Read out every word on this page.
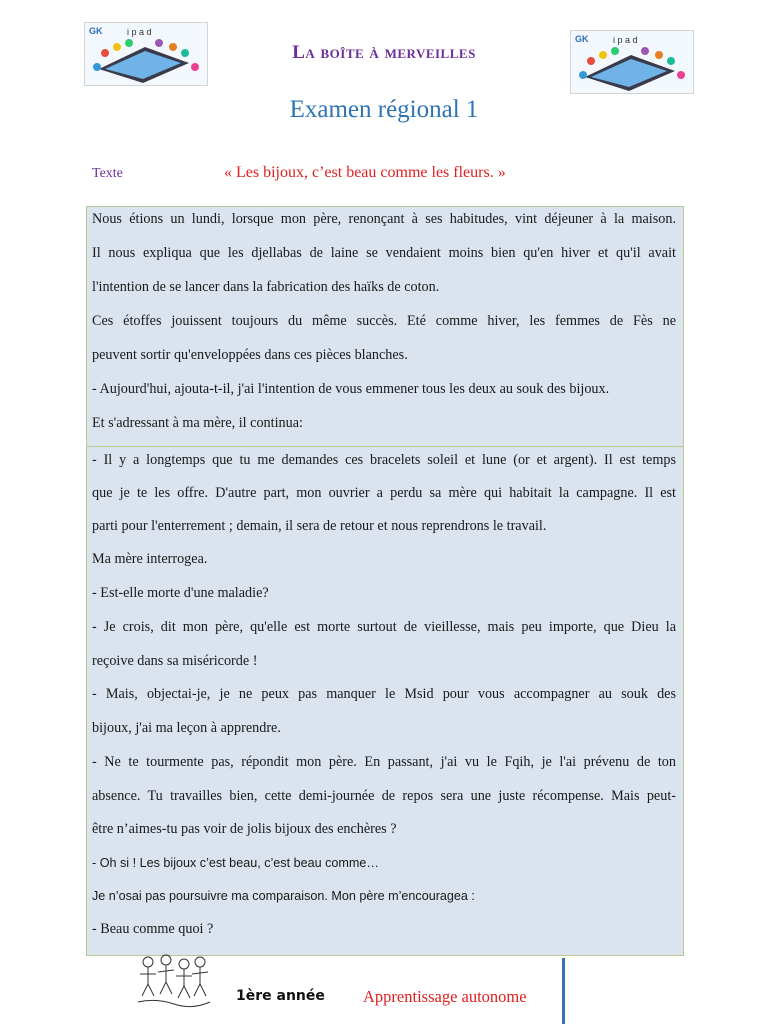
GK	i p a d
GK	i p a d
La boîte à merveilles
Examen régional 1
Texte	« Les bijoux, c’est beau comme les fleurs. »
Nous étions un lundi, lorsque mon père, renonçant à ses habitudes, vint déjeuner à la maison.
Il nous expliqua que les djellabas de laine se vendaient moins bien qu'en hiver et qu'il avait
l'intention de se lancer dans la fabrication des haïks de coton.
Ces étoffes jouissent toujours du même succès. Eté comme hiver, les femmes de Fès ne
peuvent sortir qu'enveloppées dans ces pièces blanches.
- Aujourd'hui, ajouta-t-il, j'ai l'intention de vous emmener tous les deux au souk des bijoux.
Et s'adressant à ma mère, il continua:
- Il y a longtemps que tu me demandes ces bracelets soleil et lune (or et argent). Il est temps
que je te les offre. D'autre part, mon ouvrier a perdu sa mère qui habitait la campagne. Il est
parti pour l'enterrement ; demain, il sera de retour et nous reprendrons le travail.
Ma mère interrogea.
- Est-elle morte d'une maladie?
- Je crois, dit mon père, qu'elle est morte surtout de vieillesse, mais peu importe, que Dieu la
reçoive dans sa miséricorde !
- Mais, objectai-je, je ne peux pas manquer le Msid pour vous accompagner au souk des
bijoux, j'ai ma leçon à apprendre.
- Ne te tourmente pas, répondit mon père. En passant, j'ai vu le Fqih, je l'ai prévenu de ton
absence. Tu travailles bien, cette demi-journée de repos sera une juste récompense. Mais peut-
être n’aimes-tu pas voir de jolis bijoux des enchères ?
- Oh si ! Les bijoux c’est beau, c’est beau comme…
Je n’osai pas poursuivre ma comparaison. Mon père m’encouragea :
- Beau comme quoi ?
1ère année Apprentissage autonome
